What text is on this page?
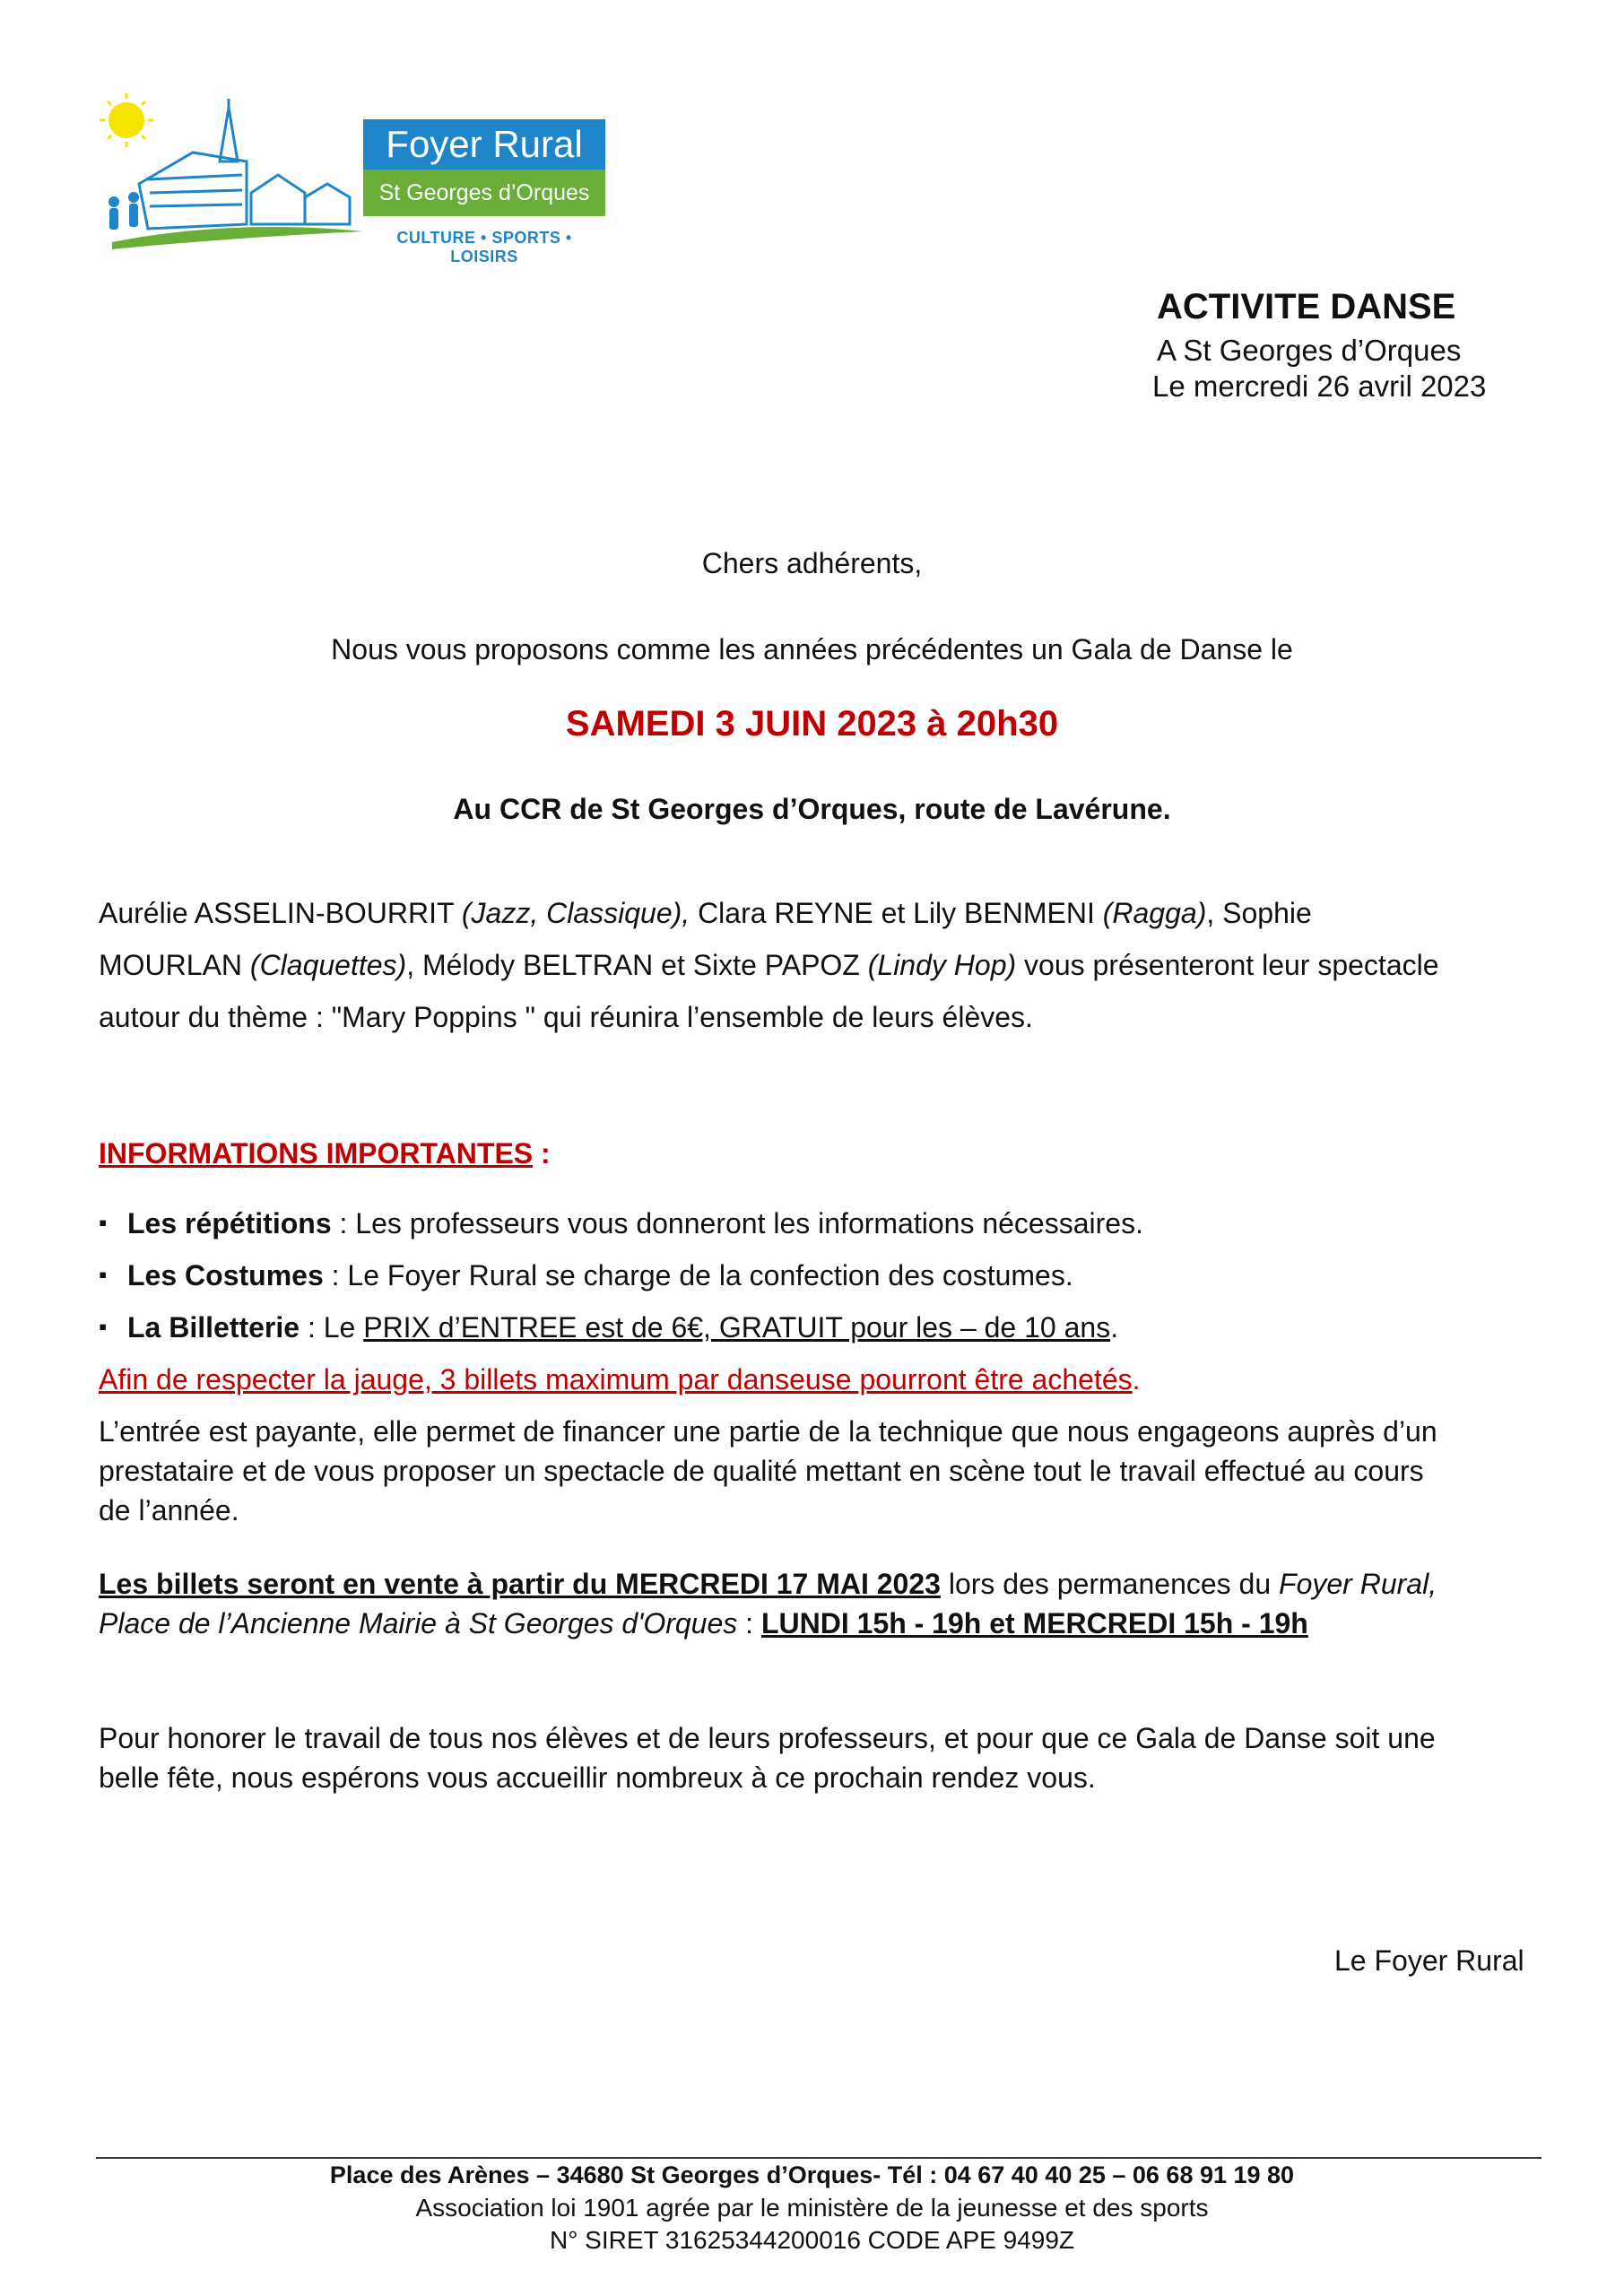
Foyer Rural
St Georges d’Orques
CULTURE • SPORTS • LOISIRS
ACTIVITE DANSE
A St Georges d’Orques
Le mercredi 26 avril 2023
Chers adhérents,
Nous vous proposons comme les années précédentes un Gala de Danse le
SAMEDI 3 JUIN 2023 à 20h30
Au CCR de St Georges d’Orques, route de Lavérune.
Aurélie ASSELIN-BOURRIT (Jazz, Classique), Clara REYNE et Lily BENMENI (Ragga), Sophie
MOURLAN (Claquettes), Mélody BELTRAN et Sixte PAPOZ (Lindy Hop) vous présenteront leur spectacle
autour du thème : "Mary Poppins " qui réunira l’ensemble de leurs élèves.
INFORMATIONS IMPORTANTES :
▪ Les répétitions : Les professeurs vous donneront les informations nécessaires.
▪ Les Costumes : Le Foyer Rural se charge de la confection des costumes.
▪ La Billetterie : Le PRIX d’ENTREE est de 6€, GRATUIT pour les – de 10 ans.
Afin de respecter la jauge, 3 billets maximum par danseuse pourront être achetés.
L’entrée est payante, elle permet de financer une partie de la technique que nous engageons auprès d’un
prestataire et de vous proposer un spectacle de qualité mettant en scène tout le travail effectué au cours
de l’année.
Les billets seront en vente à partir du MERCREDI 17 MAI 2023 lors des permanences du Foyer Rural,
Place de l’Ancienne Mairie à St Georges d'Orques : LUNDI 15h - 19h et MERCREDI 15h - 19h
Pour honorer le travail de tous nos élèves et de leurs professeurs, et pour que ce Gala de Danse soit une
belle fête, nous espérons vous accueillir nombreux à ce prochain rendez vous.
Le Foyer Rural
Place des Arènes – 34680 St Georges d’Orques- Tél : 04 67 40 40 25 – 06 68 91 19 80
Association loi 1901 agrée par le ministère de la jeunesse et des sports
N° SIRET 31625344200016 CODE APE 9499Z
